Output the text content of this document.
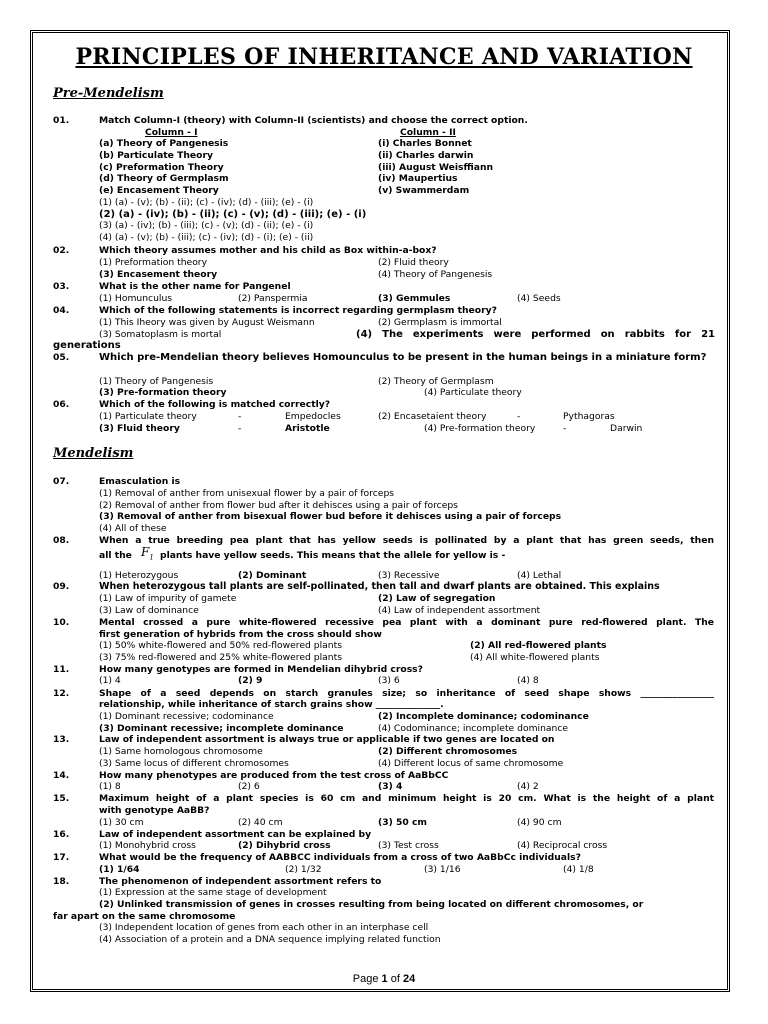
PRINCIPLES OF INHERITANCE AND VARIATION
Pre-Mendelism
01.	Match Column-I (theory) with Column-II (scientists) and choose the correct option.
Column - I	Column - II
(a) Theory of Pangenesis	(i) Charles Bonnet
(b) Particulate Theory	(ii) Charles darwin
(c) Preformation Theory	(iii) August Weisffiann
(d) Theory of Germplasm	(iv) Maupertius
(e) Encasement Theory	(v) Swammerdam
(1) (a) - (v); (b) - (ii); (c) - (iv); (d) - (iii); (e) - (i)
(2) (a) - (iv); (b) - (ii); (c) - (v); (d) - (iii); (e) - (i)
(3) (a) - (iv); (b) - (iii); (c) - (v); (d) - (ii); (e) - (i)
(4) (a) - (v); (b) - (iii); (c) - (iv); (d) - (i); (e) - (ii)
02.	Which theory assumes mother and his child as Box within-a-box?
(1) Preformation theory	(2) Fluid theory
(3) Encasement theory	(4) Theory of Pangenesis
03.	What is the other name for Pangenel
(1) Homunculus	(2) Panspermia	(3) Gemmules	(4) Seeds
04.	Which of the following statements is incorrect regarding germplasm theory?
(1) This Iheory was given by August Weismann	(2) Germplasm is immortal
(3) Somatoplasm is mortal	(4) The experiments were performed on rabbits for 21 generations
05.	Which pre-Mendelian theory believes Homounculus to be present in the human beings in a miniature form?
(1) Theory of Pangenesis	(2) Theory of Germplasm
(3) Pre-formation theory	(4) Particulate theory
06.	Which of the following is matched correctly?
(1) Particulate theory	-	Empedocles	(2) Encasetaient theory	-	Pythagoras
(3) Fluid theory	-	Aristotle	(4) Pre-formation theory	-	Darwin
Mendelism
07.	Emasculation is
(1) Removal of anther from unisexual flower by a pair of forceps
(2) Removal of anther from flower bud after it dehisces using a pair of forceps
(3) Removal of anther from bisexual flower bud before it dehisces using a pair of forceps
(4) All of these
08.	When a true breeding pea plant that has yellow seeds is pollinated by a plant that has green seeds, then
all the $F_1$ plants have yellow seeds. This means that the allele for yellow is -
(1) Heterozygous	(2) Dominant	(3) Recessive	(4) Lethal
09.	When heterozygous tall plants are self-pollinated, then tall and dwarf plants are obtained. This explains
(1) Law of impurity of gamete	(2) Law of segregation
(3) Law of dominance	(4) Law of independent assortment
10.	Mental crossed a pure white-flowered recessive pea plant with a dominant pure red-flowered plant. The
first generation of hybrids from the cross should show
(1) 50% white-flowered and 50% red-flowered plants	(2) All red-flowered plants
(3) 75% red-flowered and 25% white-flowered plants	(4) All white-flowered plants
11.	How many genotypes are formed in Mendelian dihybrid cross?
(1) 4	(2) 9	(3) 6	(4) 8
12.	Shape of a seed depends on starch granules size; so inheritance of seed shape shows ________________
relationship, while inheritance of starch grains show ______________.
(1) Dominant recessive; codominance	(2) Incomplete dominance; codominance
(3) Dominant recessive; incomplete dominance	(4) Codominance; incomplete dominance
13.	Law of independent assortment is always true or applicable if two genes are located on
(1) Same homologous chromosome	(2) Different chromosomes
(3) Same locus of different chromosomes	(4) Different locus of same chromosome
14.	How many phenotypes are produced from the test cross of AaBbCC
(1) 8	(2) 6	(3) 4	(4) 2
15.	Maximum height of a plant species is 60 cm and minimum height is 20 cm. What is the height of a plant
with genotype AaBB?
(1) 30 cm	(2) 40 cm	(3) 50 cm	(4) 90 cm
16.	Law of independent assortment can be explained by
(1) Monohybrid cross	(2) Dihybrid cross	(3) Test cross	(4) Reciprocal cross
17.	What would be the frequency of AABBCC individuals from a cross of two AaBbCc individuals?
(1) 1/64	(2) 1/32	(3) 1/16	(4) 1/8
18.	The phenomenon of independent assortment refers to
(1) Expression at the same stage of development
(2) Unlinked transmission of genes in crosses resulting from being located on different chromosomes, or
far apart on the same chromosome
(3) Independent location of genes from each other in an interphase cell
(4) Association of a protein and a DNA sequence implying related function
Page 1 of 24
